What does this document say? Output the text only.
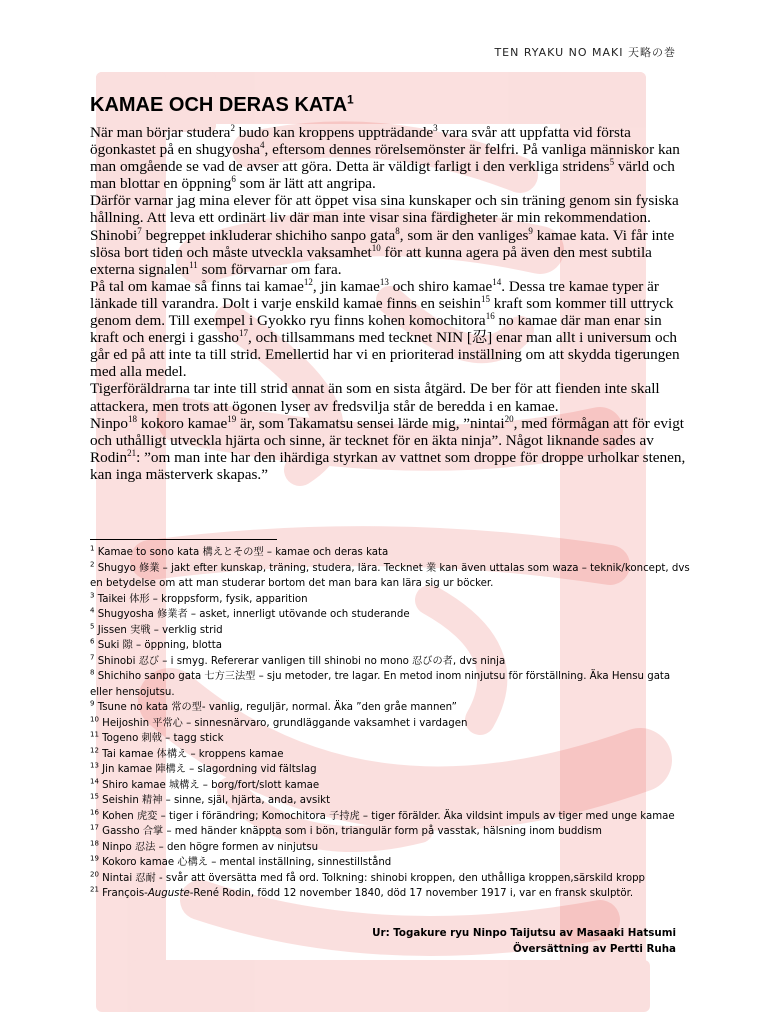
TEN RYAKU NO MAKI 天略の巻
KAMAE OCH DERAS KATA$^1$

När man börjar studera$^2$ budo kan kroppens uppträdande$^3$ vara svår att uppfatta vid första ögonkastet på en shugyosha$^4$, eftersom dennes rörelsemönster är felfri. På vanliga människor kan man omgående se vad de avser att göra. Detta är väldigt farligt i den verkliga stridens$^5$ värld och man blottar en öppning$^6$ som är lätt att angripa.

Därför varnar jag mina elever för att öppet visa sina kunskaper och sin träning genom sin fysiska hållning. Att leva ett ordinärt liv där man inte visar sina färdigheter är min rekommendation.

Shinobi$^7$ begreppet inkluderar shichiho sanpo gata$^8$, som är den vanliges$^9$ kamae kata. Vi får inte slösa bort tiden och måste utveckla vaksamhet$^{10}$ för att kunna agera på även den mest subtila externa signalen$^{11}$ som förvarnar om fara.

På tal om kamae så finns tai kamae$^{12}$, jin kamae$^{13}$ och shiro kamae$^{14}$. Dessa tre kamae typer är länkade till varandra. Dolt i varje enskild kamae finns en seishin$^{15}$ kraft som kommer till uttryck genom dem. Till exempel i Gyokko ryu finns kohen komochitora$^{16}$ no kamae där man enar sin kraft och energi i gassho$^{17}$, och tillsammans med tecknet NIN [忍] enar man allt i universum och går ed på att inte ta till strid. Emellertid har vi en prioriterad inställning om att skydda tigerungen med alla medel.

Tigerföräldrarna tar inte till strid annat än som en sista åtgärd. De ber för att fienden inte skall attackera, men trots att ögonen lyser av fredsvilja står de beredda i en kamae.

Ninpo$^{18}$ kokoro kamae$^{19}$ är, som Takamatsu sensei lärde mig, ”nintai$^{20}$, med förmågan att för evigt och uthålligt utveckla hjärta och sinne, är tecknet för en äkta ninja”. Något liknande sades av Rodin$^{21}$: ”om man inte har den ihärdiga styrkan av vattnet som droppe för droppe urholkar stenen, kan inga mästerverk skapas.”

$^1$ Kamae to sono kata 構えとその型 – kamae och deras kata

$^2$ Shugyo 修業 – jakt efter kunskap, träning, studera, lära. Tecknet 業 kan även uttalas som waza – teknik/koncept, dvs en betydelse om att man studerar bortom det man bara kan lära sig ur böcker.

$^3$ Taikei 体形 – kroppsform, fysik, apparition

$^4$ Shugyosha 修業者 – asket, innerligt utövande och studerande

$^5$ Jissen 実戦 – verklig strid

$^6$ Suki 隙 – öppning, blotta

$^7$ Shinobi 忍び – i smyg. Refererar vanligen till shinobi no mono 忍びの者, dvs ninja

$^8$ Shichiho sanpo gata 七方三法型 – sju metoder, tre lagar. En metod inom ninjutsu för förställning. Äka Hensu gata eller hensojutsu.

$^9$ Tsune no kata 常の型- vanlig, reguljär, normal. Äka ”den gråe mannen”

$^{10}$ Heijoshin 平常心 – sinnesnärvaro, grundläggande vaksamhet i vardagen

$^{11}$ Togeno 刺戟 – tagg stick

$^{12}$ Tai kamae 体構え – kroppens kamae

$^{13}$ Jin kamae 陣構え – slagordning vid fältslag

$^{14}$ Shiro kamae 城構え – borg/fort/slott kamae

$^{15}$ Seishin 精神 – sinne, själ, hjärta, anda, avsikt

$^{16}$ Kohen 虎変 – tiger i förändring; Komochitora 子持虎 – tiger förälder. Äka vildsint impuls av tiger med unge kamae

$^{17}$ Gassho 合掌 – med händer knäppta som i bön, triangulär form på vasstak, hälsning inom buddism

$^{18}$ Ninpo 忍法 – den högre formen av ninjutsu

$^{19}$ Kokoro kamae 心構え – mental inställning, sinnestillstånd

$^{20}$ Nintai 忍耐 - svår att översätta med få ord. Tolkning: shinobi kroppen, den uthålliga kroppen,särskild kropp

$^{21}$ François-Auguste-René Rodin, född 12 november 1840, död 17 november 1917 i, var en fransk skulptör.

Ur: Togakure ryu Ninpo Taijutsu av Masaaki Hatsumi
Översättning av Pertti Ruha
